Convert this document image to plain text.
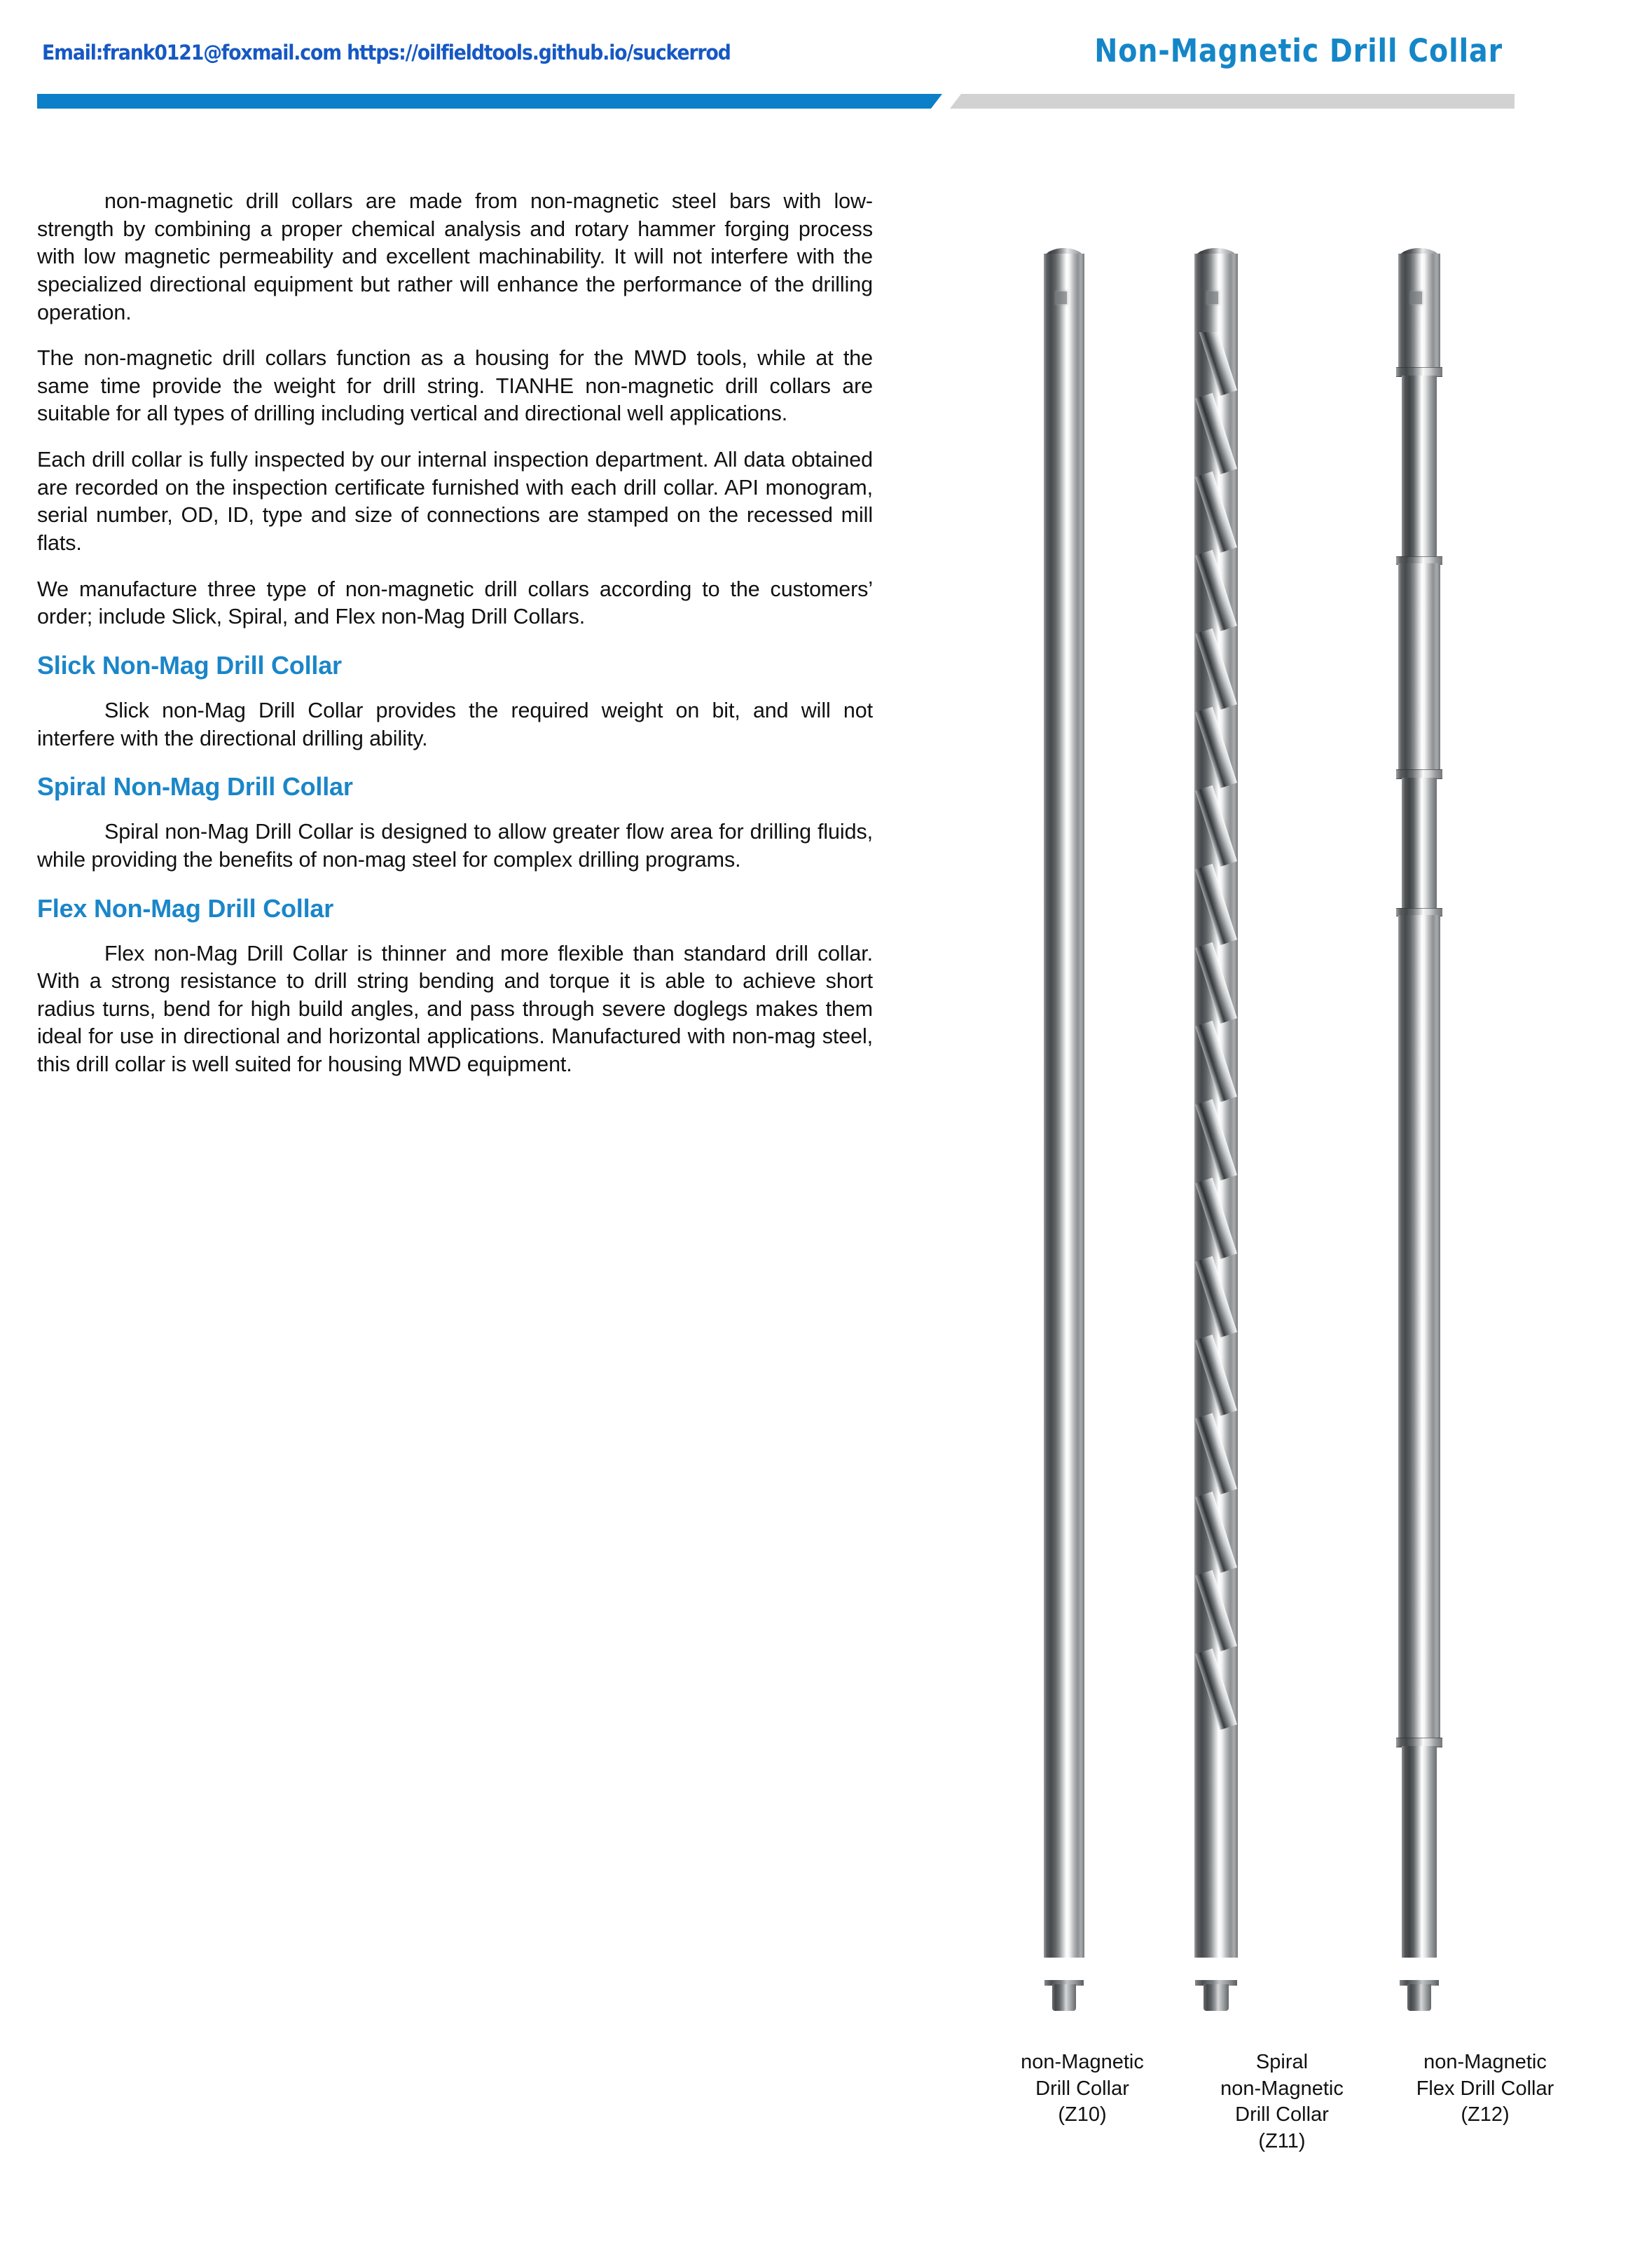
Email:frank0121@foxmail.com https://oilfieldtools.github.io/suckerrod	Non-Magnetic Drill Collar

non-magnetic drill collars are made from non-magnetic steel bars with low-strength by combining a proper chemical analysis and rotary hammer forging process with low magnetic permeability and excellent machinability. It will not interfere with the specialized directional equipment but rather will enhance the performance of the drilling operation.

The non-magnetic drill collars function as a housing for the MWD tools, while at the same time provide the weight for drill string. TIANHE non-magnetic drill collars are suitable for all types of drilling including vertical and directional well applications.

Each drill collar is fully inspected by our internal inspection department. All data obtained are recorded on the inspection certificate furnished with each drill collar. API monogram, serial number, OD, ID, type and size of connections are stamped on the recessed mill flats.

We manufacture three type of non-magnetic drill collars according to the customers’ order; include Slick, Spiral, and Flex non-Mag Drill Collars.

Slick Non-Mag Drill Collar

Slick non-Mag Drill Collar provides the required weight on bit, and will not interfere with the directional drilling ability.

Spiral Non-Mag Drill Collar

Spiral non-Mag Drill Collar is designed to allow greater flow area for drilling fluids, while providing the benefits of non-mag steel for complex drilling programs.

Flex Non-Mag Drill Collar

Flex non-Mag Drill Collar is thinner and more flexible than standard drill collar. With a strong resistance to drill string bending and torque it is able to achieve short radius turns, bend for high build angles, and pass through severe doglegs makes them ideal for use in directional and horizontal applications. Manufactured with non-mag steel, this drill collar is well suited for housing MWD equipment.

non-Magnetic
Drill Collar
(Z10)
Spiral
non-Magnetic
Drill Collar
(Z11)
non-Magnetic
Flex Drill Collar
(Z12)
